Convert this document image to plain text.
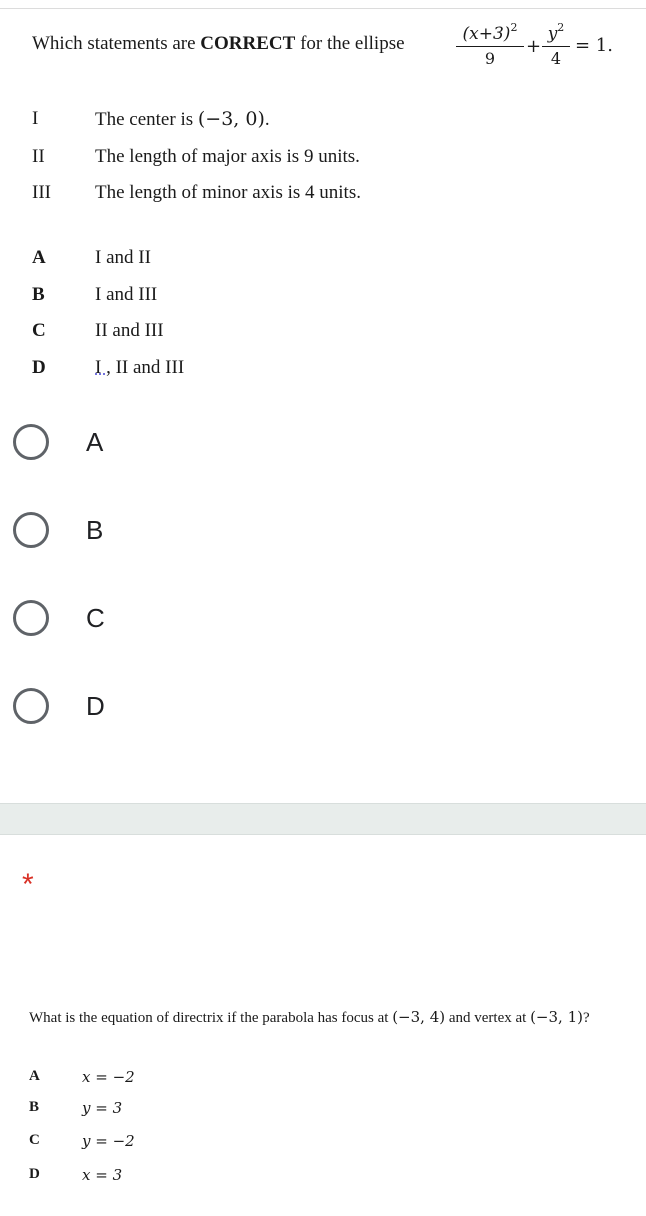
Which statements are CORRECT for the ellipse	$(x+3)^2$
9
+
$y^2$
4
= 1.
I	The center is (−3, 0).
II	The length of major axis is 9 units.
III The length of minor axis is 4 units.
A	I and II
B	I and III
C	II and III
D	I , II and III
A
B
C
D
*
What is the equation of directrix if the parabola has focus at (−3, 4) and vertex at (−3, 1)?
A	x = −2
B	y = 3
C	y = −2
D	x = 3
